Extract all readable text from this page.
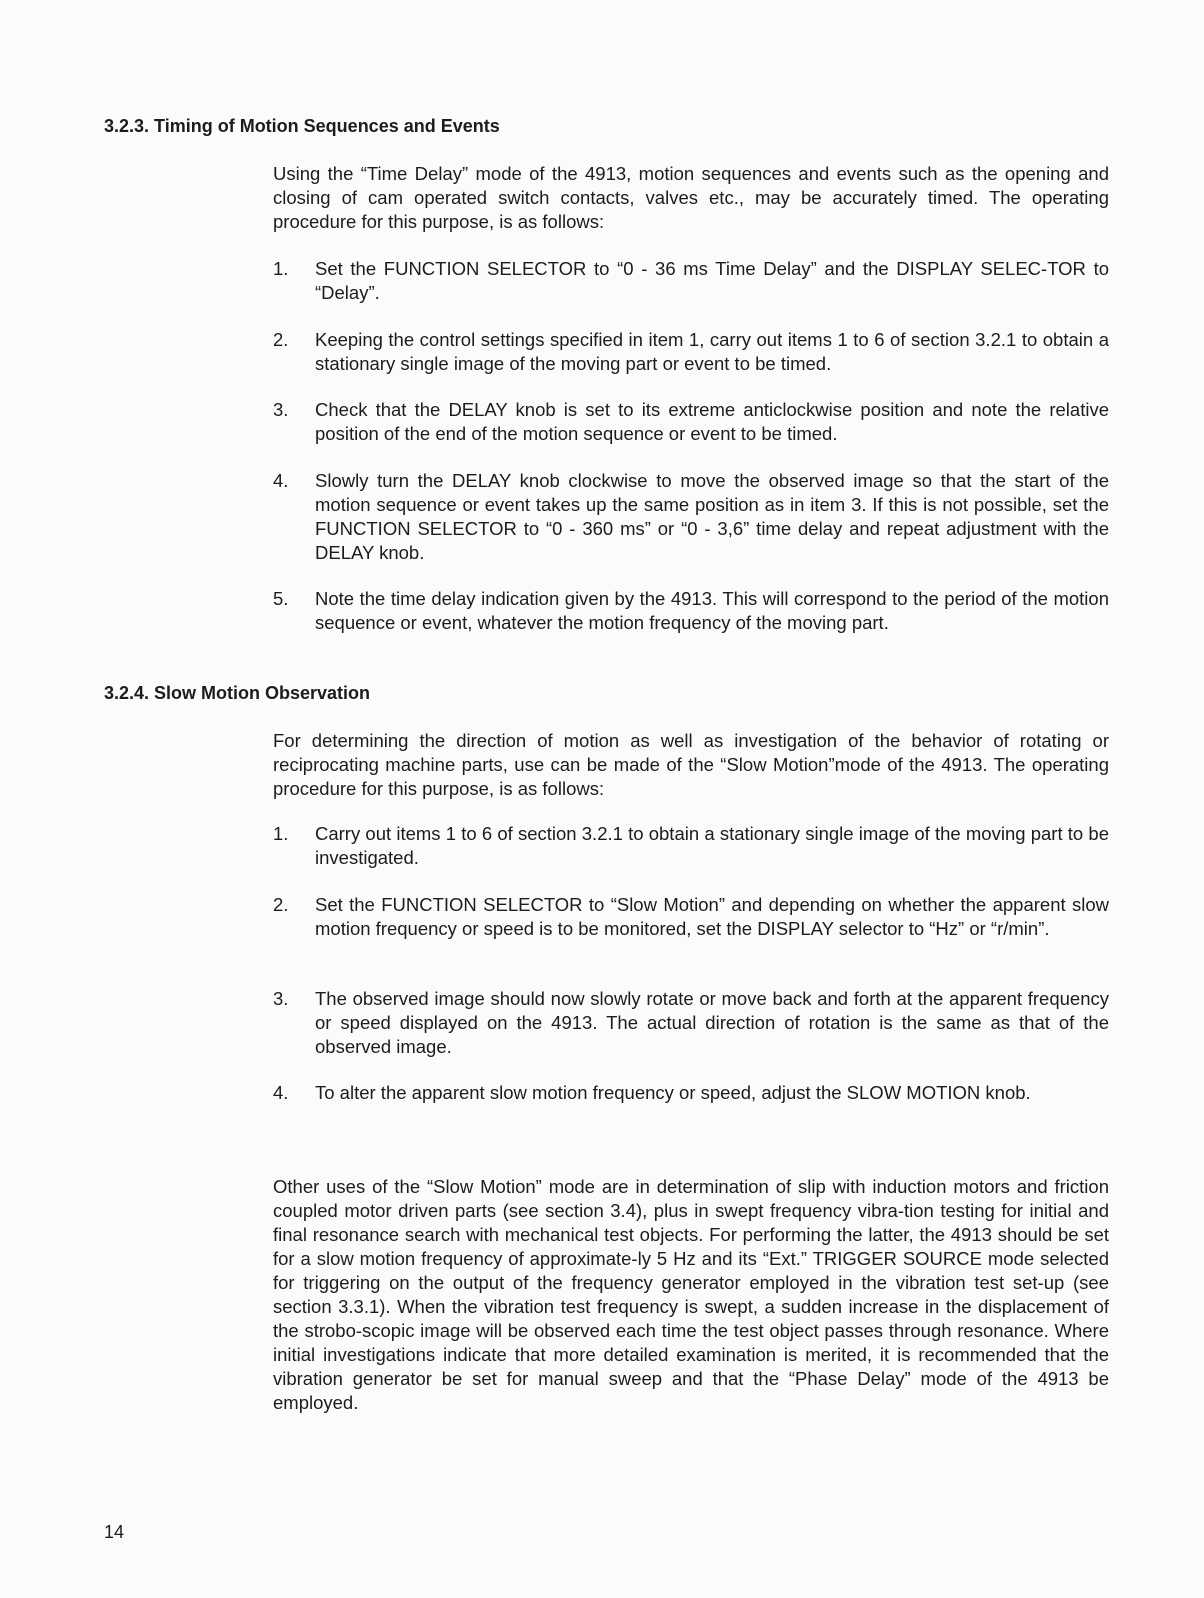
3.2.3. Timing of Motion Sequences and Events

Using the “Time Delay” mode of the 4913, motion sequences and events such as the opening and closing of cam operated switch contacts, valves etc., may be accurately timed. The operating procedure for this purpose, is as follows:

1.	Set the FUNCTION SELECTOR to “0 - 36 ms Time Delay” and the DISPLAY SELEC-TOR to “Delay”.
2.	Keeping the control settings specified in item 1, carry out items 1 to 6 of section 3.2.1 to obtain a stationary single image of the moving part or event to be timed.
3.	Check that the DELAY knob is set to its extreme anticlockwise position and note the relative position of the end of the motion sequence or event to be timed.
4.	Slowly turn the DELAY knob clockwise to move the observed image so that the start of the motion sequence or event takes up the same position as in item 3. If this is not possible, set the FUNCTION SELECTOR to “0 - 360 ms” or “0 - 3,6” time delay and repeat adjustment with the DELAY knob.
5.	Note the time delay indication given by the 4913. This will correspond to the period of the motion sequence or event, whatever the motion frequency of the moving part.
3.2.4. Slow Motion Observation

For determining the direction of motion as well as investigation of the behavior of rotating or reciprocating machine parts, use can be made of the “Slow Motion”mode of the 4913. The operating procedure for this purpose, is as follows:

1.	Carry out items 1 to 6 of section 3.2.1 to obtain a stationary single image of the moving part to be investigated.
2.	Set the FUNCTION SELECTOR to “Slow Motion” and depending on whether the apparent slow motion frequency or speed is to be monitored, set the DISPLAY selector to “Hz” or “r/min”.
3.	The observed image should now slowly rotate or move back and forth at the apparent frequency or speed displayed on the 4913. The actual direction of rotation is the same as that of the observed image.
4.	To alter the apparent slow motion frequency or speed, adjust the SLOW MOTION knob.

Other uses of the “Slow Motion” mode are in determination of slip with induction motors and friction coupled motor driven parts (see section 3.4), plus in swept frequency vibra-tion testing for initial and final resonance search with mechanical test objects. For performing the latter, the 4913 should be set for a slow motion frequency of approximate-ly 5 Hz and its “Ext.” TRIGGER SOURCE mode selected for triggering on the output of the frequency generator employed in the vibration test set-up (see section 3.3.1). When the vibration test frequency is swept, a sudden increase in the displacement of the strobo-scopic image will be observed each time the test object passes through resonance. Where initial investigations indicate that more detailed examination is merited, it is recommended that the vibration generator be set for manual sweep and that the “Phase Delay” mode of the 4913 be employed.

14
